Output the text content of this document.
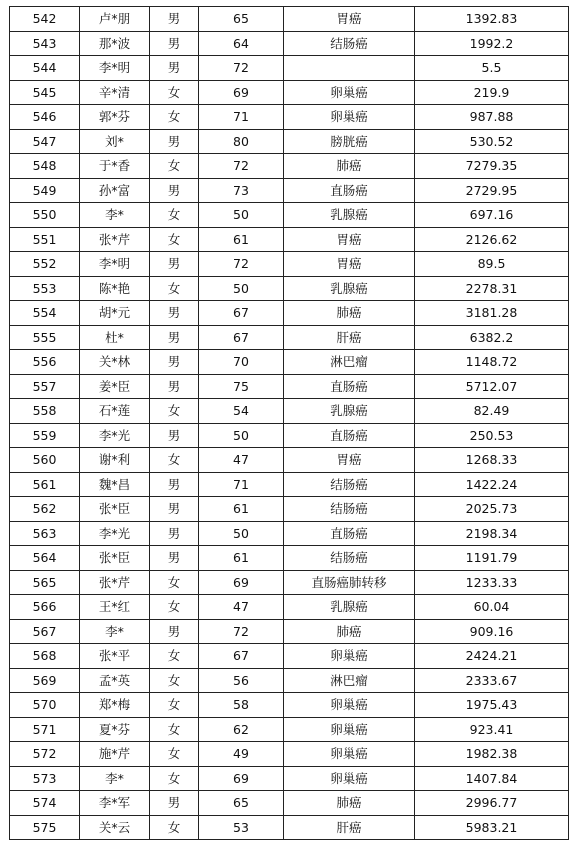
542	卢*朋	男	65	胃癌	1392.83
543	那*波	男	64	结肠癌	1992.2
544	李*明	男	72		5.5
545	辛*清	女	69	卵巢癌	219.9
546	郭*芬	女	71	卵巢癌	987.88
547	刘*	男	80	膀胱癌	530.52
548	于*香	女	72	肺癌	7279.35
549	孙*富	男	73	直肠癌	2729.95
550	李*	女	50	乳腺癌	697.16
551	张*芹	女	61	胃癌	2126.62
552	李*明	男	72	胃癌	89.5
553	陈*艳	女	50	乳腺癌	2278.31
554	胡*元	男	67	肺癌	3181.28
555	杜*	男	67	肝癌	6382.2
556	关*林	男	70	淋巴瘤	1148.72
557	姜*臣	男	75	直肠癌	5712.07
558	石*莲	女	54	乳腺癌	82.49
559	李*光	男	50	直肠癌	250.53
560	谢*利	女	47	胃癌	1268.33
561	魏*昌	男	71	结肠癌	1422.24
562	张*臣	男	61	结肠癌	2025.73
563	李*光	男	50	直肠癌	2198.34
564	张*臣	男	61	结肠癌	1191.79
565	张*芹	女	69	直肠癌肺转移	1233.33
566	王*红	女	47	乳腺癌	60.04
567	李*	男	72	肺癌	909.16
568	张*平	女	67	卵巢癌	2424.21
569	孟*英	女	56	淋巴瘤	2333.67
570	郑*梅	女	58	卵巢癌	1975.43
571	夏*芬	女	62	卵巢癌	923.41
572	施*芹	女	49	卵巢癌	1982.38
573	李*	女	69	卵巢癌	1407.84
574	李*军	男	65	肺癌	2996.77
575	关*云	女	53	肝癌	5983.21
